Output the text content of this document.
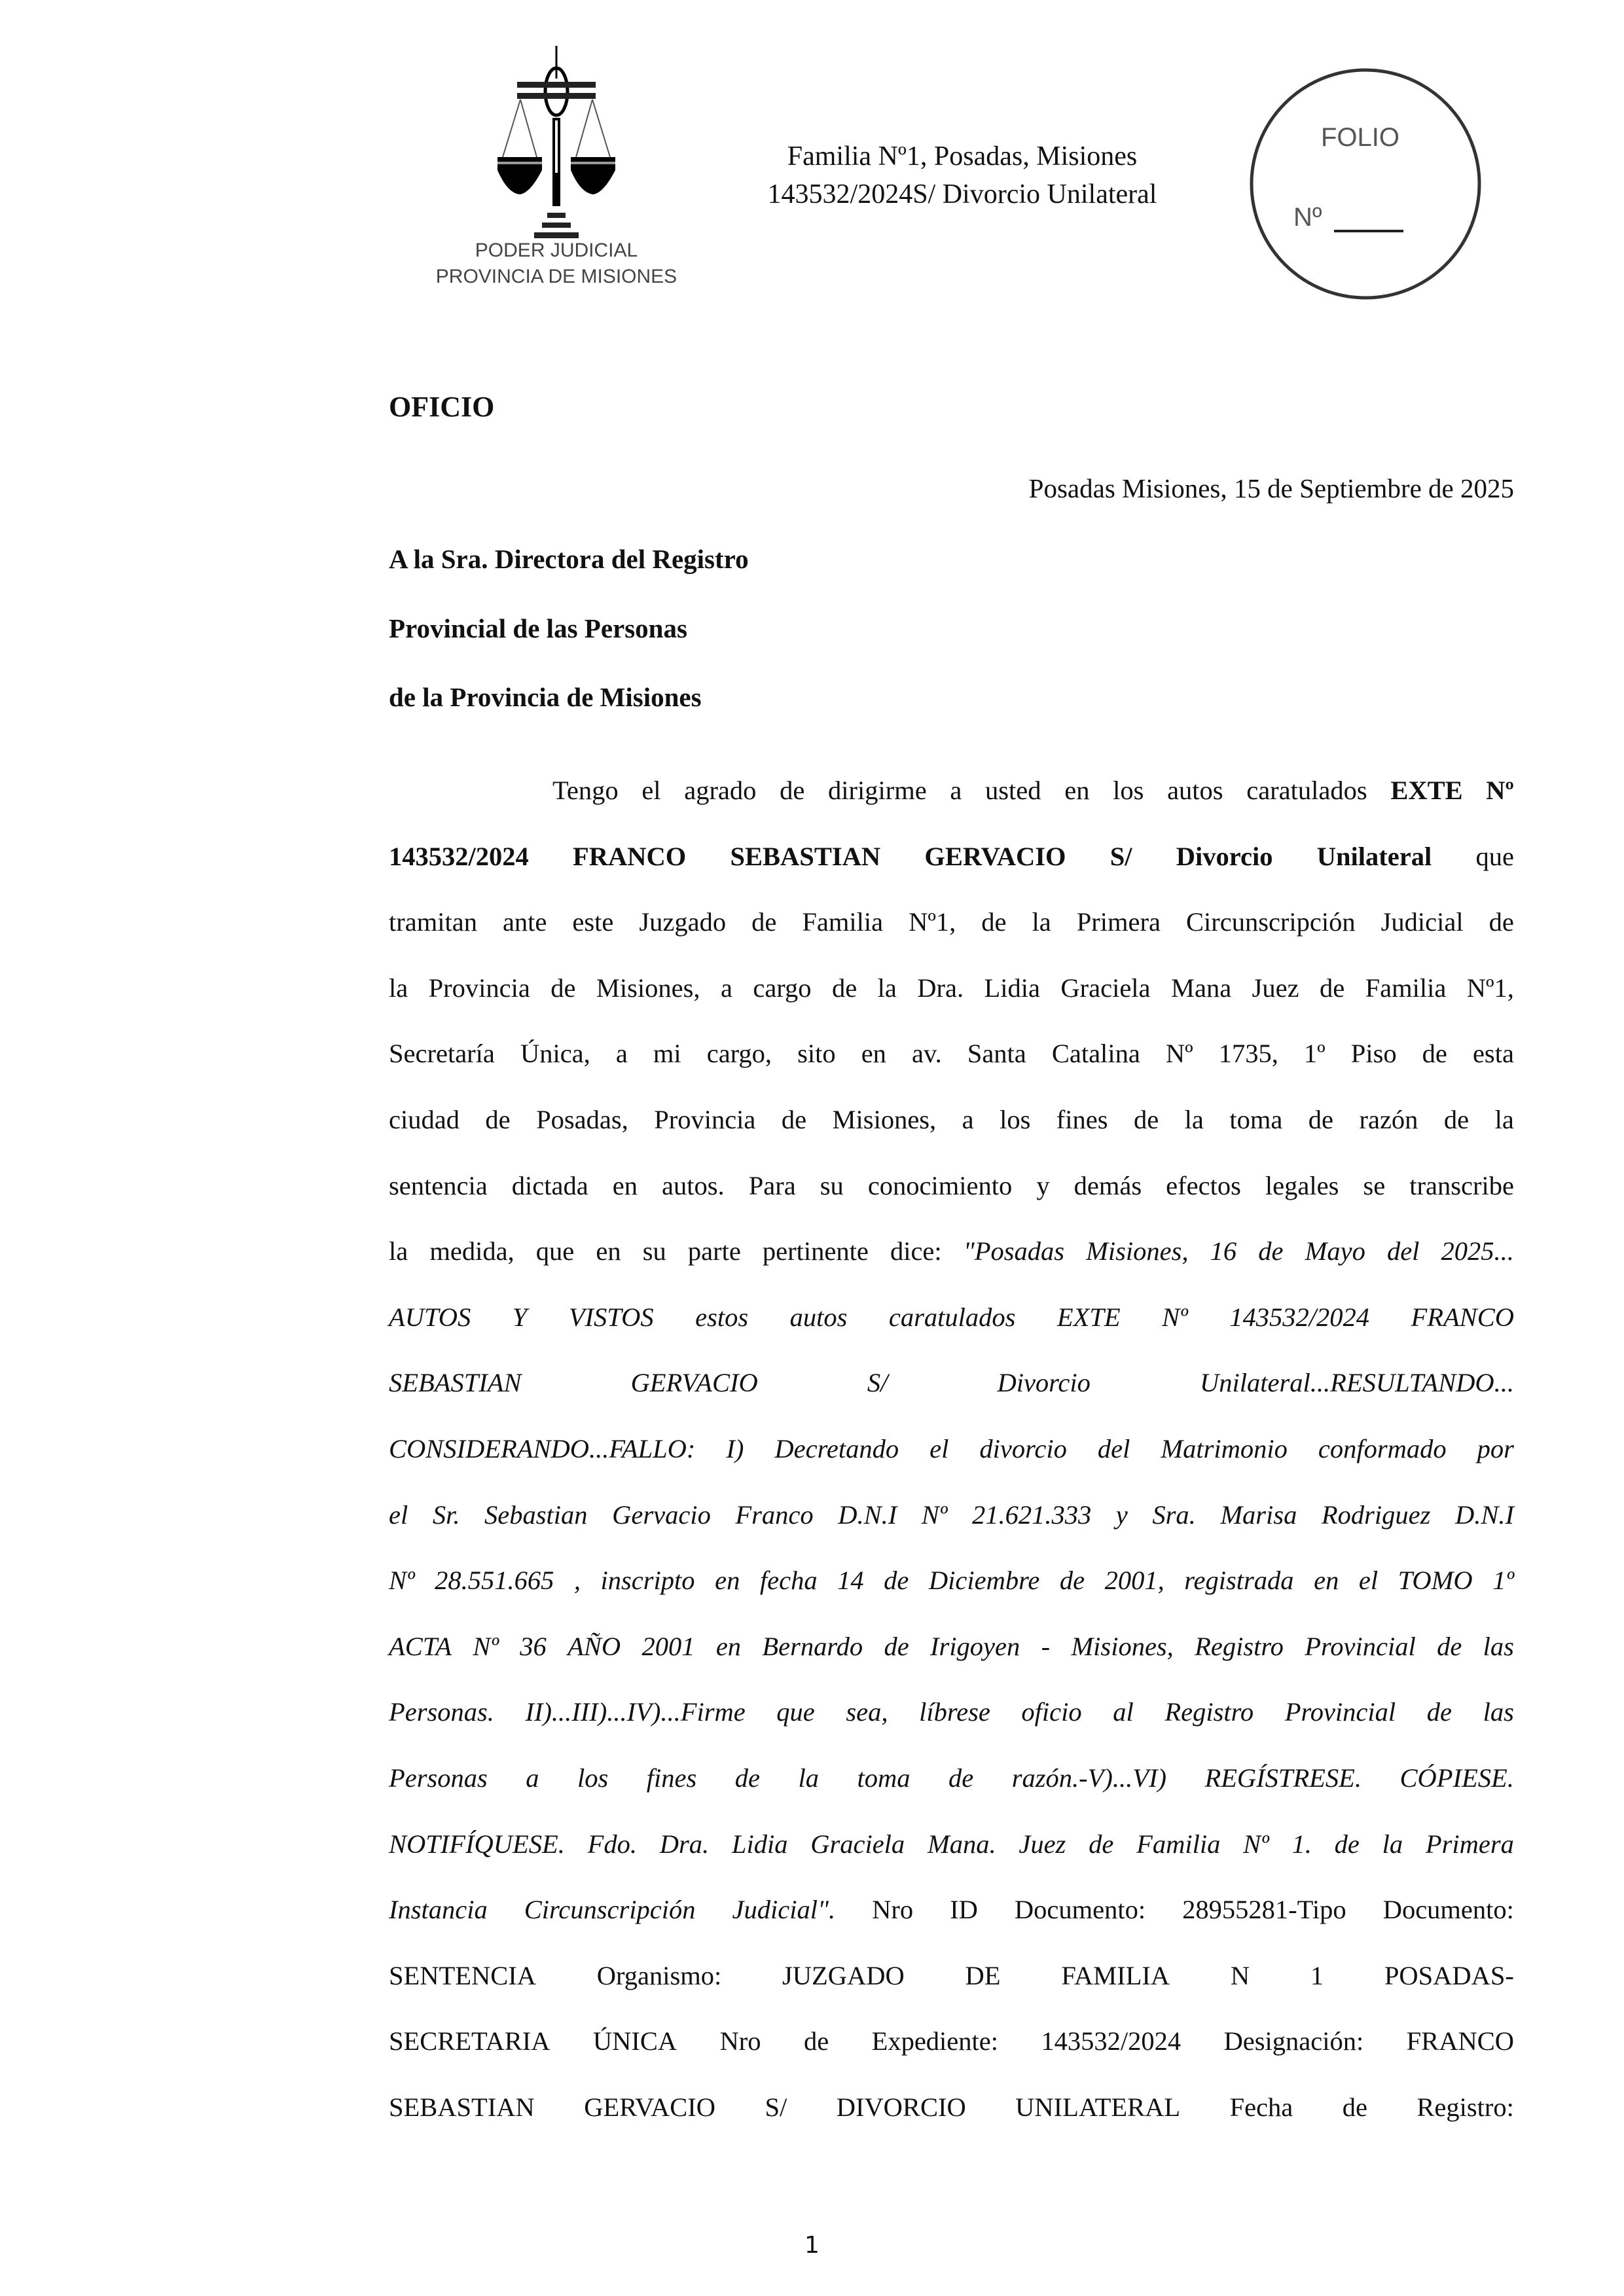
PODER JUDICIAL
PROVINCIA DE MISIONES
Familia Nº1, Posadas, Misiones
143532/2024S/ Divorcio Unilateral
FOLIO
Nº
OFICIO
Posadas Misiones, 15 de Septiembre de 2025
A la Sra. Directora del Registro
Provincial de las Personas
de la Provincia de Misiones
Tengo el agrado de dirigirme a usted en los autos caratulados EXTE Nº
143532/2024 FRANCO SEBASTIAN GERVACIO S/ Divorcio Unilateral que
tramitan ante este Juzgado de Familia Nº1, de la Primera Circunscripción Judicial de
la Provincia de Misiones, a cargo de la Dra. Lidia Graciela Mana Juez de Familia Nº1,
Secretaría Única, a mi cargo, sito en av. Santa Catalina Nº 1735, 1º Piso de esta
ciudad de Posadas, Provincia de Misiones, a los fines de la toma de razón de la
sentencia dictada en autos. Para su conocimiento y demás efectos legales se transcribe
la medida, que en su parte pertinente dice: "Posadas Misiones, 16 de Mayo del 2025...
AUTOS Y VISTOS estos autos caratulados EXTE Nº 143532/2024 FRANCO
SEBASTIAN	GERVACIO	S/	Divorcio	Unilateral...RESULTANDO...
CONSIDERANDO...FALLO: I) Decretando el divorcio del Matrimonio conformado por
el Sr. Sebastian Gervacio Franco D.N.I Nº 21.621.333 y Sra. Marisa Rodriguez D.N.I
Nº 28.551.665 , inscripto en fecha 14 de Diciembre de 2001, registrada en el TOMO 1º
ACTA Nº 36 AÑO 2001 en Bernardo de Irigoyen - Misiones, Registro Provincial de las
Personas. II)...III)...IV)...Firme que sea, líbrese oficio al Registro Provincial de las
Personas a los fines de la toma de razón.-V)...VI) REGÍSTRESE. CÓPIESE.
NOTIFÍQUESE. Fdo. Dra. Lidia Graciela Mana. Juez de Familia Nº 1. de la Primera
Instancia Circunscripción Judicial". Nro ID Documento: 28955281-Tipo Documento:
SENTENCIA Organismo: JUZGADO DE FAMILIA N 1 POSADAS-
SECRETARIA ÚNICA Nro de Expediente: 143532/2024 Designación: FRANCO
SEBASTIAN GERVACIO S/ DIVORCIO UNILATERAL Fecha de Registro:
1
